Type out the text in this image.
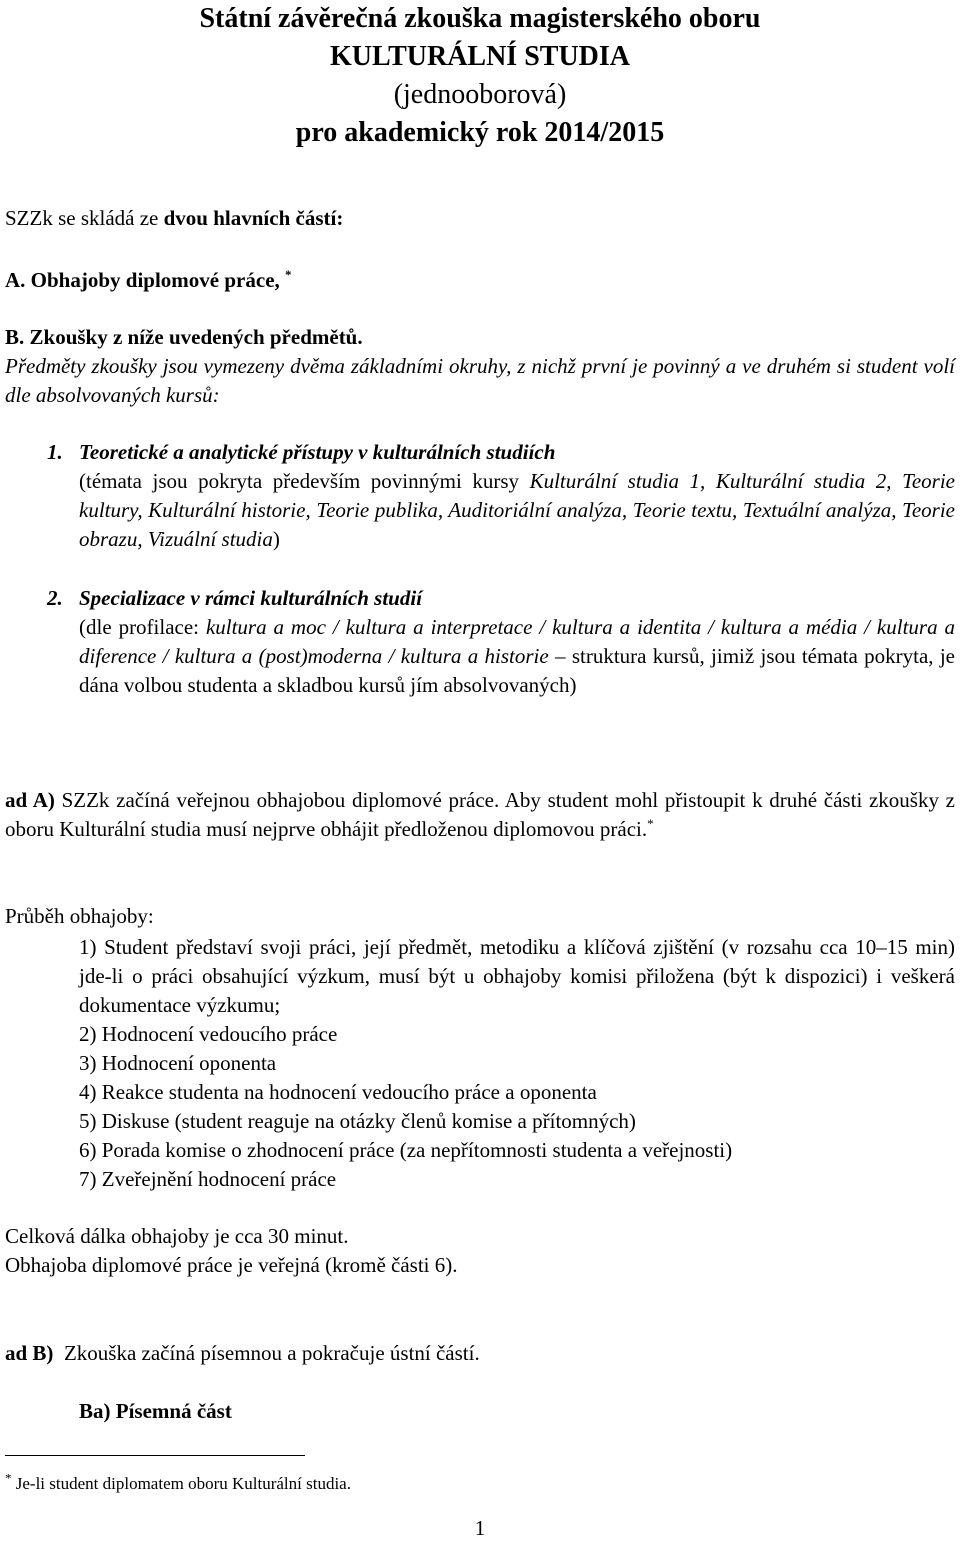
Státní závěrečná zkouška magisterského oboru

KULTURÁLNÍ STUDIA

(jednooborová)

pro akademický rok 2014/2015

SZZk se skládá ze dvou hlavních částí:

A. Obhajoby diplomové práce, *

B. Zkoušky z níže uvedených předmětů.

Předměty zkoušky jsou vymezeny dvěma základními okruhy, z nichž první je povinný a ve druhém si student volí dle absolvovaných kursů:

1. Teoretické a analytické přístupy v kulturálních studiích
(témata jsou pokryta především povinnými kursy Kulturální studia 1, Kulturální studia 2, Teorie kultury, Kulturální historie, Teorie publika, Auditoriální analýza, Teorie textu, Textuální analýza, Teorie obrazu, Vizuální studia)

2. Specializace v rámci kulturálních studií
(dle profilace: kultura a moc / kultura a interpretace / kultura a identita / kultura a média / kultura a diference / kultura a (post)moderna / kultura a historie – struktura kursů, jimiž jsou témata pokryta, je dána volbou studenta a skladbou kursů jím absolvovaných)

ad A) SZZk začíná veřejnou obhajobou diplomové práce. Aby student mohl přistoupit k druhé části zkoušky z oboru Kulturální studia musí nejprve obhájit předloženou diplomovou práci.*

Průběh obhajoby:

1) Student představí svoji práci, její předmět, metodiku a klíčová zjištění (v rozsahu cca 10–15 min) jde-li o práci obsahující výzkum, musí být u obhajoby komisi přiložena (být k dispozici) i veškerá dokumentace výzkumu;
2) Hodnocení vedoucího práce
3) Hodnocení oponenta
4) Reakce studenta na hodnocení vedoucího práce a oponenta
5) Diskuse (student reaguje na otázky členů komise a přítomných)
6) Porada komise o zhodnocení práce (za nepřítomnosti studenta a veřejnosti)
7) Zveřejnění hodnocení práce

Celková dálka obhajoby je cca 30 minut.

Obhajoba diplomové práce je veřejná (kromě části 6).

ad B)  Zkouška začíná písemnou a pokračuje ústní částí.

Ba) Písemná část

* Je-li student diplomatem oboru Kulturální studia.

1
